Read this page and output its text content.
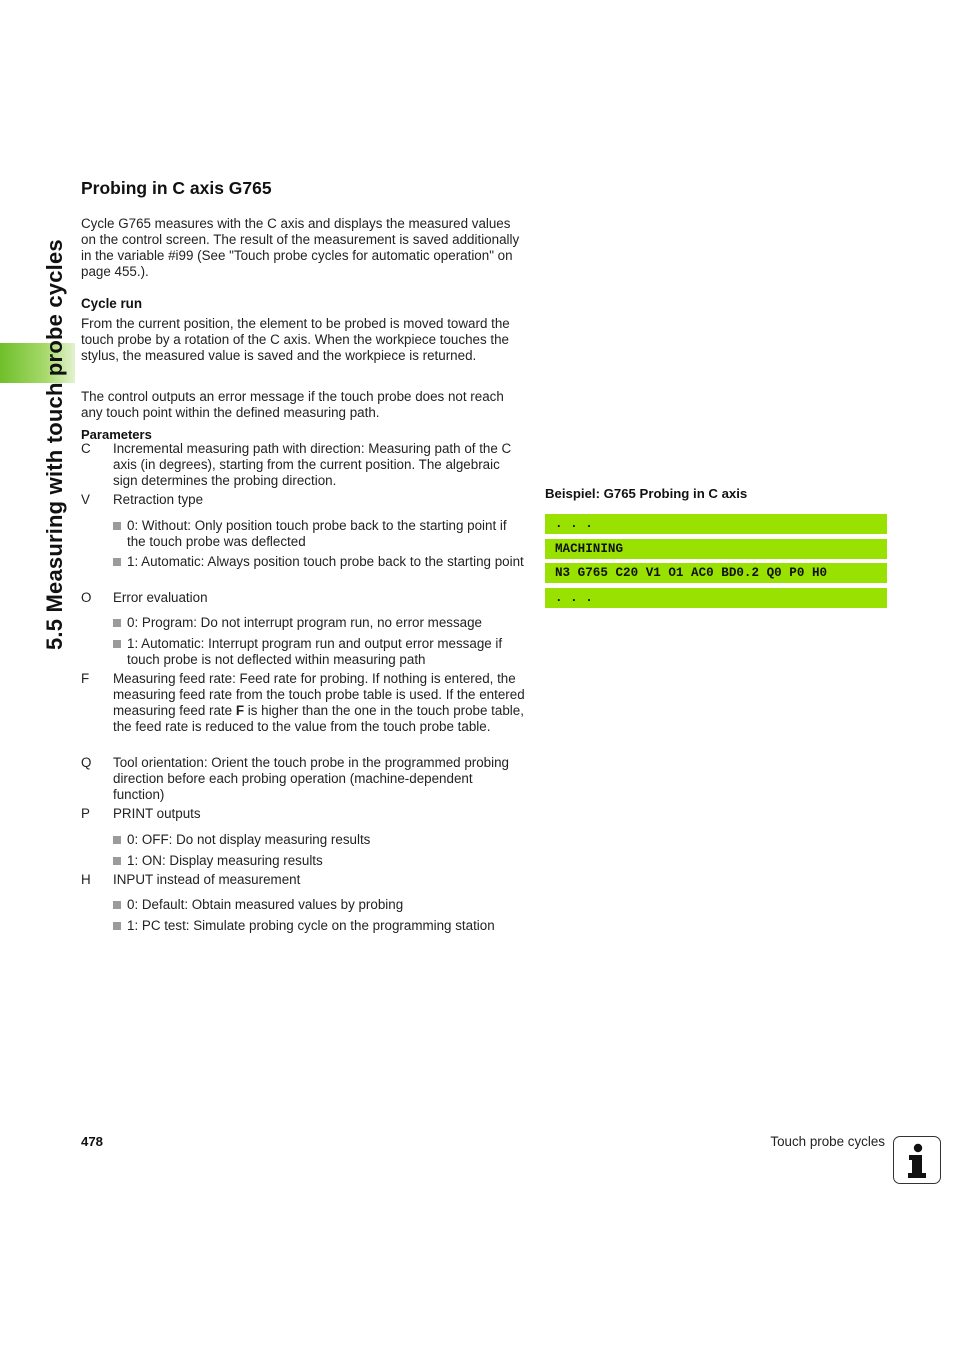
5.5 Measuring with touch probe cycles
Probing in C axis G765
Cycle G765 measures with the C axis and displays the measured values on the control screen. The result of the measurement is saved additionally in the variable #i99 (See "Touch probe cycles for automatic operation" on page 455.).
Cycle run
From the current position, the element to be probed is moved toward the touch probe by a rotation of the C axis. When the workpiece touches the stylus, the measured value is saved and the workpiece is returned.
The control outputs an error message if the touch probe does not reach any touch point within the defined measuring path.
Parameters
C Incremental measuring path with direction: Measuring path of the C axis (in degrees), starting from the current position. The algebraic sign determines the probing direction.
V Retraction type
0: Without: Only position touch probe back to the starting point if the touch probe was deflected
1: Automatic: Always position touch probe back to the starting point
O Error evaluation
0: Program: Do not interrupt program run, no error message
1: Automatic: Interrupt program run and output error message if touch probe is not deflected within measuring path
F Measuring feed rate: Feed rate for probing. If nothing is entered, the measuring feed rate from the touch probe table is used. If the entered measuring feed rate F is higher than the one in the touch probe table, the feed rate is reduced to the value from the touch probe table.
Q Tool orientation: Orient the touch probe in the programmed probing direction before each probing operation (machine-dependent function)
P PRINT outputs
0: OFF: Do not display measuring results
1: ON: Display measuring results
H INPUT instead of measurement
0: Default: Obtain measured values by probing
1: PC test: Simulate probing cycle on the programming station
Beispiel: G765 Probing in C axis
. . .
MACHINING
N3 G765 C20 V1 O1 AC0 BD0.2 Q0 P0 H0
. . .
478	Touch probe cycles
